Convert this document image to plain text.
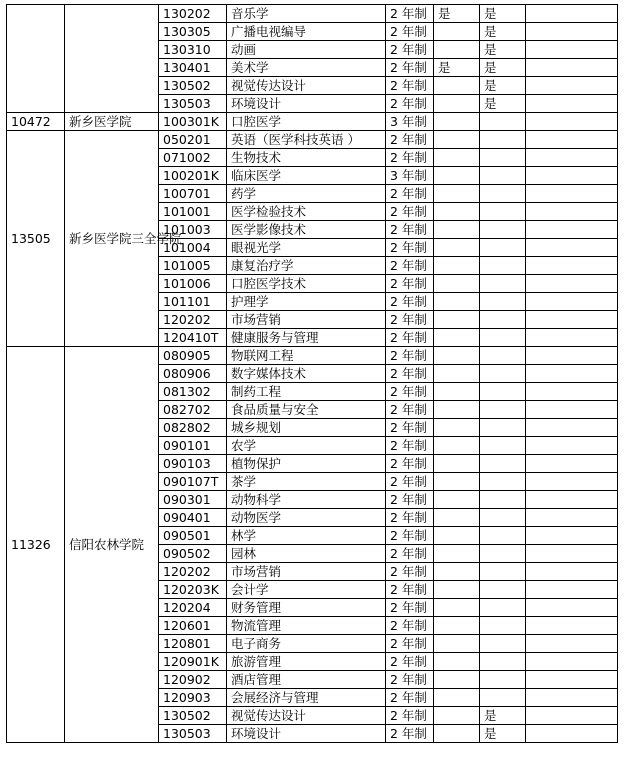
		130202	音乐学	2 年制	是	是	
		130305	广播电视编导	2 年制		是	
		130310	动画	2 年制		是	
		130401	美术学	2 年制	是	是	
		130502	视觉传达设计	2 年制		是	
		130503	环境设计	2 年制		是	
10472	新乡医学院	100301K	口腔医学	3 年制			
13505	新乡医学院三全学院	050201	英语（医学科技英语 ）	2 年制			
		071002	生物技术	2 年制			
		100201K	临床医学	3 年制			
		100701	药学	2 年制			
		101001	医学检验技术	2 年制			
		101003	医学影像技术	2 年制			
		101004	眼视光学	2 年制			
		101005	康复治疗学	2 年制			
		101006	口腔医学技术	2 年制			
		101101	护理学	2 年制			
		120202	市场营销	2 年制			
		120410T	健康服务与管理	2 年制			
11326	信阳农林学院	080905	物联网工程	2 年制			
		080906	数字媒体技术	2 年制			
		081302	制药工程	2 年制			
		082702	食品质量与安全	2 年制			
		082802	城乡规划	2 年制			
		090101	农学	2 年制			
		090103	植物保护	2 年制			
		090107T	茶学	2 年制			
		090301	动物科学	2 年制			
		090401	动物医学	2 年制			
		090501	林学	2 年制			
		090502	园林	2 年制			
		120202	市场营销	2 年制			
		120203K	会计学	2 年制			
		120204	财务管理	2 年制			
		120601	物流管理	2 年制			
		120801	电子商务	2 年制			
		120901K	旅游管理	2 年制			
		120902	酒店管理	2 年制			
		120903	会展经济与管理	2 年制			
		130502	视觉传达设计	2 年制		是	
		130503	环境设计	2 年制		是	
